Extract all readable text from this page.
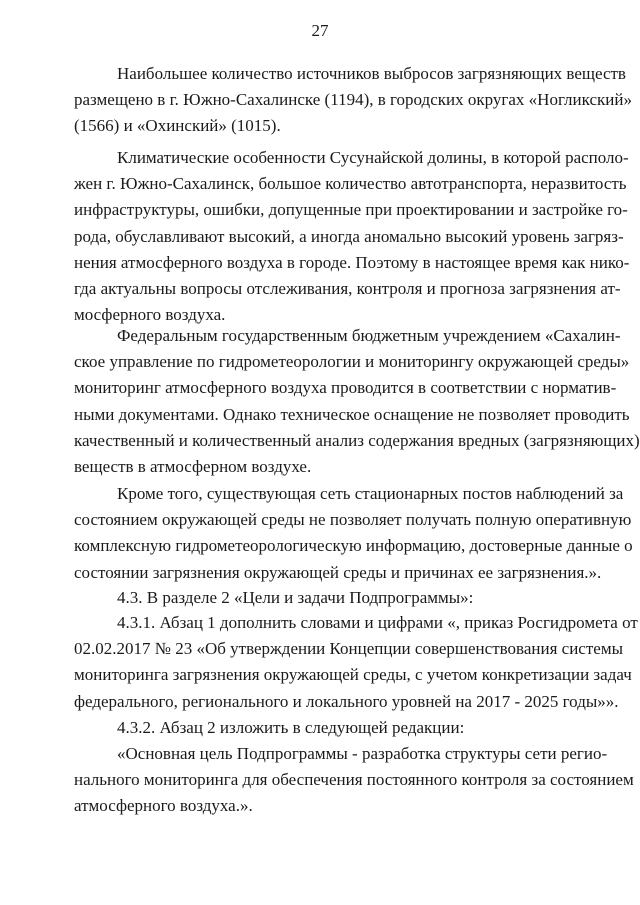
27
Наибольшее количество источников выбросов загрязняющих веществ
размещено в г. Южно-Сахалинске (1194), в городских округах «Ногликский»
(1566) и «Охинский» (1015).
Климатические особенности Сусунайской долины, в которой располо-
жен г. Южно-Сахалинск, большое количество автотранспорта, неразвитость
инфраструктуры, ошибки, допущенные при проектировании и застройке го-
рода, обуславливают высокий, а иногда аномально высокий уровень загряз-
нения атмосферного воздуха в городе. Поэтому в настоящее время как нико-
гда актуальны вопросы отслеживания, контроля и прогноза загрязнения ат-
мосферного воздуха.
Федеральным государственным бюджетным учреждением «Сахалин-
ское управление по гидрометеорологии и мониторингу окружающей среды»
мониторинг атмосферного воздуха проводится в соответствии с норматив-
ными документами. Однако техническое оснащение не позволяет проводить
качественный и количественный анализ содержания вредных (загрязняющих)
веществ в атмосферном воздухе.
Кроме того, существующая сеть стационарных постов наблюдений за
состоянием окружающей среды не позволяет получать полную оперативную
комплексную гидрометеорологическую информацию, достоверные данные о
состоянии загрязнения окружающей среды и причинах ее загрязнения.».
4.3. В разделе 2 «Цели и задачи Подпрограммы»:
4.3.1. Абзац 1 дополнить словами и цифрами «, приказ Росгидромета от
02.02.2017 № 23 «Об утверждении Концепции совершенствования системы
мониторинга загрязнения окружающей среды, с учетом конкретизации задач
федерального, регионального и локального уровней на 2017 - 2025 годы»».
4.3.2. Абзац 2 изложить в следующей редакции:
«Основная цель Подпрограммы - разработка структуры сети регио-
нального мониторинга для обеспечения постоянного контроля за состоянием
атмосферного воздуха.».
